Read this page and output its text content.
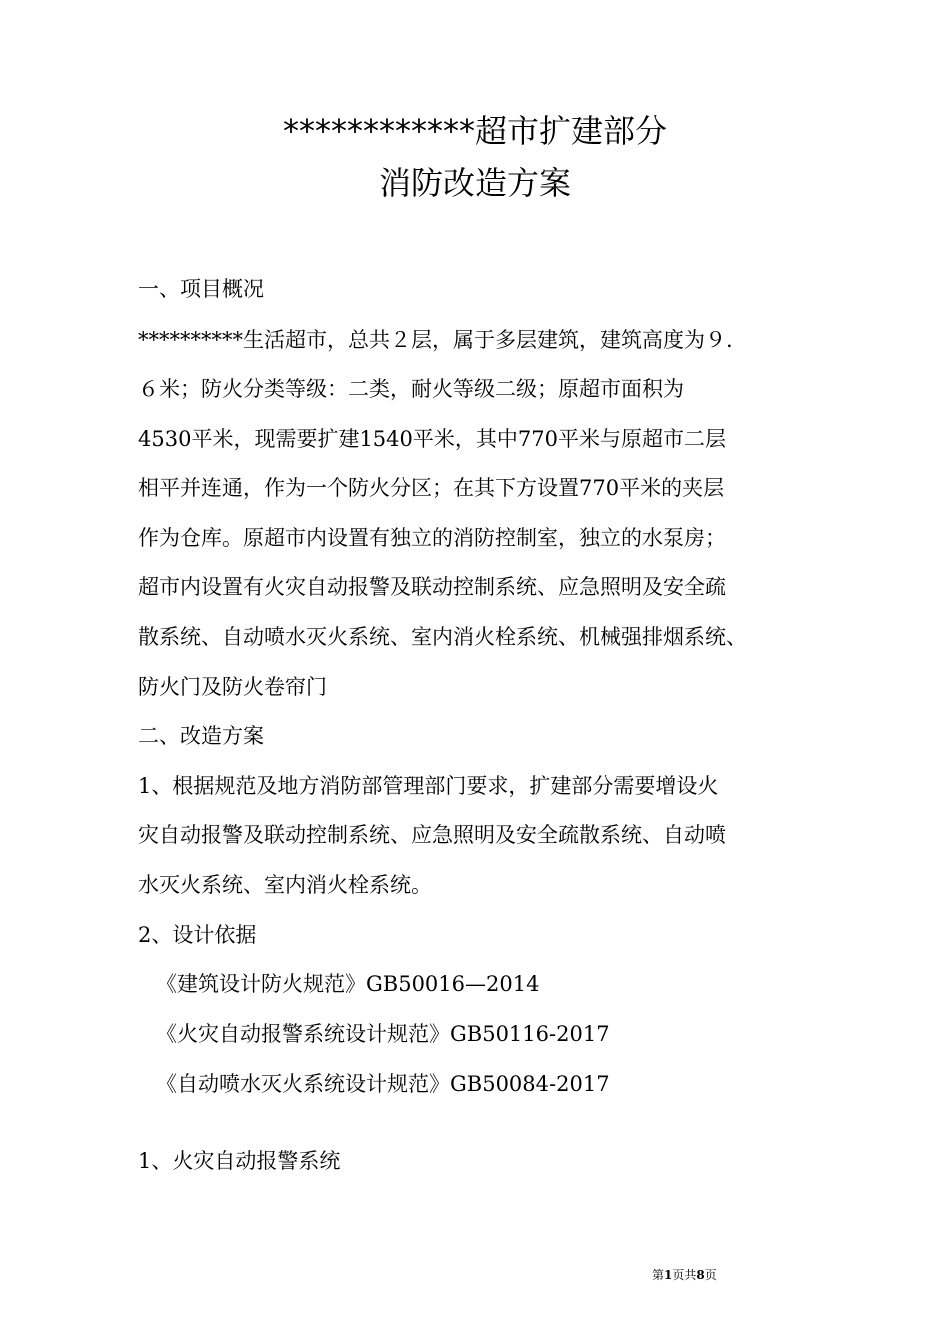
************超市扩建部分
消防改造方案
一、项目概况
**********生活超市，总共２层，属于多层建筑，建筑高度为９.
６米；防火分类等级：二类，耐火等级二级；原超市面积为
4530平米，现需要扩建1540平米，其中770平米与原超市二层
相平并连通，作为一个防火分区；在其下方设置770平米的夹层
作为仓库。原超市内设置有独立的消防控制室，独立的水泵房；
超市内设置有火灾自动报警及联动控制系统、应急照明及安全疏
散系统、自动喷水灭火系统、室内消火栓系统、机械强排烟系统、
防火门及防火卷帘门
二、改造方案
1、根据规范及地方消防部管理部门要求，扩建部分需要增设火
灾自动报警及联动控制系统、应急照明及安全疏散系统、自动喷
水灭火系统、室内消火栓系统。
2、设计依据
《建筑设计防火规范》GB50016—2014
《火灾自动报警系统设计规范》GB50116-2017
《自动喷水灭火系统设计规范》GB50084-2017
1、火灾自动报警系统
第1页共8页
